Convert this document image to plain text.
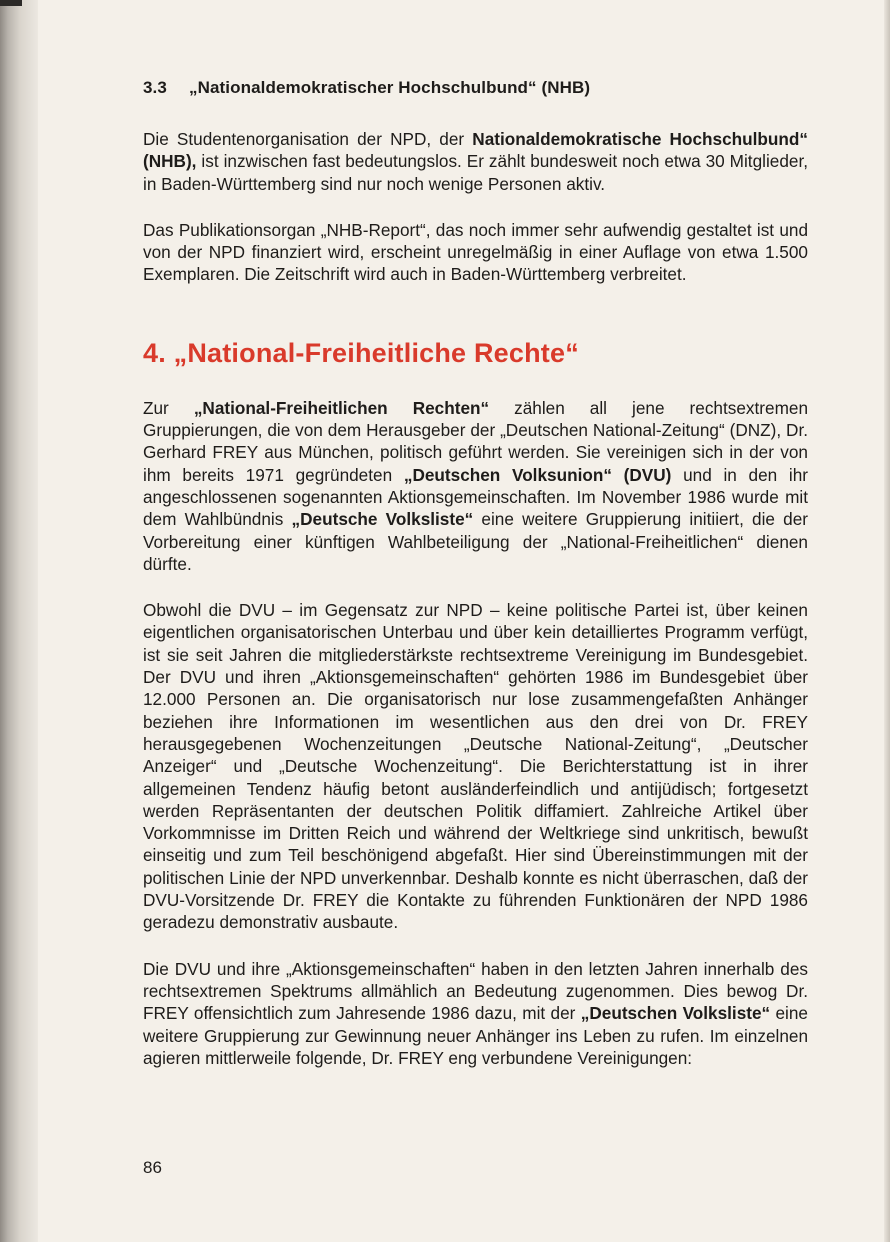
3.3 „Nationaldemokratischer Hochschulbund“ (NHB)

Die Studentenorganisation der NPD, der Nationaldemokratische Hochschulbund“ (NHB), ist inzwischen fast bedeutungslos. Er zählt bundesweit noch etwa 30 Mitglieder, in Baden-Württemberg sind nur noch wenige Personen aktiv.

Das Publikationsorgan „NHB-Report“, das noch immer sehr aufwendig gestaltet ist und von der NPD finanziert wird, erscheint unregelmäßig in einer Auflage von etwa 1.500 Exemplaren. Die Zeitschrift wird auch in Baden-Württemberg verbreitet.

4. „National-Freiheitliche Rechte“

Zur „National-Freiheitlichen Rechten“ zählen all jene rechtsextremen Gruppierungen, die von dem Herausgeber der „Deutschen National-Zeitung“ (DNZ), Dr. Gerhard FREY aus München, politisch geführt werden. Sie vereinigen sich in der von ihm bereits 1971 gegründeten „Deutschen Volksunion“ (DVU) und in den ihr angeschlossenen sogenannten Aktionsgemeinschaften. Im November 1986 wurde mit dem Wahlbündnis „Deutsche Volksliste“ eine weitere Gruppierung initiiert, die der Vorbereitung einer künftigen Wahlbeteiligung der „National-Freiheitlichen“ dienen dürfte.

Obwohl die DVU – im Gegensatz zur NPD – keine politische Partei ist, über keinen eigentlichen organisatorischen Unterbau und über kein detailliertes Programm verfügt, ist sie seit Jahren die mitgliederstärkste rechtsextreme Vereinigung im Bundesgebiet. Der DVU und ihren „Aktionsgemeinschaften“ gehörten 1986 im Bundesgebiet über 12.000 Personen an. Die organisatorisch nur lose zusammengefaßten Anhänger beziehen ihre Informationen im wesentlichen aus den drei von Dr. FREY herausgegebenen Wochenzeitungen „Deutsche National-Zeitung“, „Deutscher Anzeiger“ und „Deutsche Wochenzeitung“. Die Berichterstattung ist in ihrer allgemeinen Tendenz häufig betont ausländerfeindlich und antijüdisch; fortgesetzt werden Repräsentanten der deutschen Politik diffamiert. Zahlreiche Artikel über Vorkommnisse im Dritten Reich und während der Weltkriege sind unkritisch, bewußt einseitig und zum Teil beschönigend abgefaßt. Hier sind Übereinstimmungen mit der politischen Linie der NPD unverkennbar. Deshalb konnte es nicht überraschen, daß der DVU-Vorsitzende Dr. FREY die Kontakte zu führenden Funktionären der NPD 1986 geradezu demonstrativ ausbaute.

Die DVU und ihre „Aktionsgemeinschaften“ haben in den letzten Jahren innerhalb des rechtsextremen Spektrums allmählich an Bedeutung zugenommen. Dies bewog Dr. FREY offensichtlich zum Jahresende 1986 dazu, mit der „Deutschen Volksliste“ eine weitere Gruppierung zur Gewinnung neuer Anhänger ins Leben zu rufen. Im einzelnen agieren mittlerweile folgende, Dr. FREY eng verbundene Vereinigungen:

86
